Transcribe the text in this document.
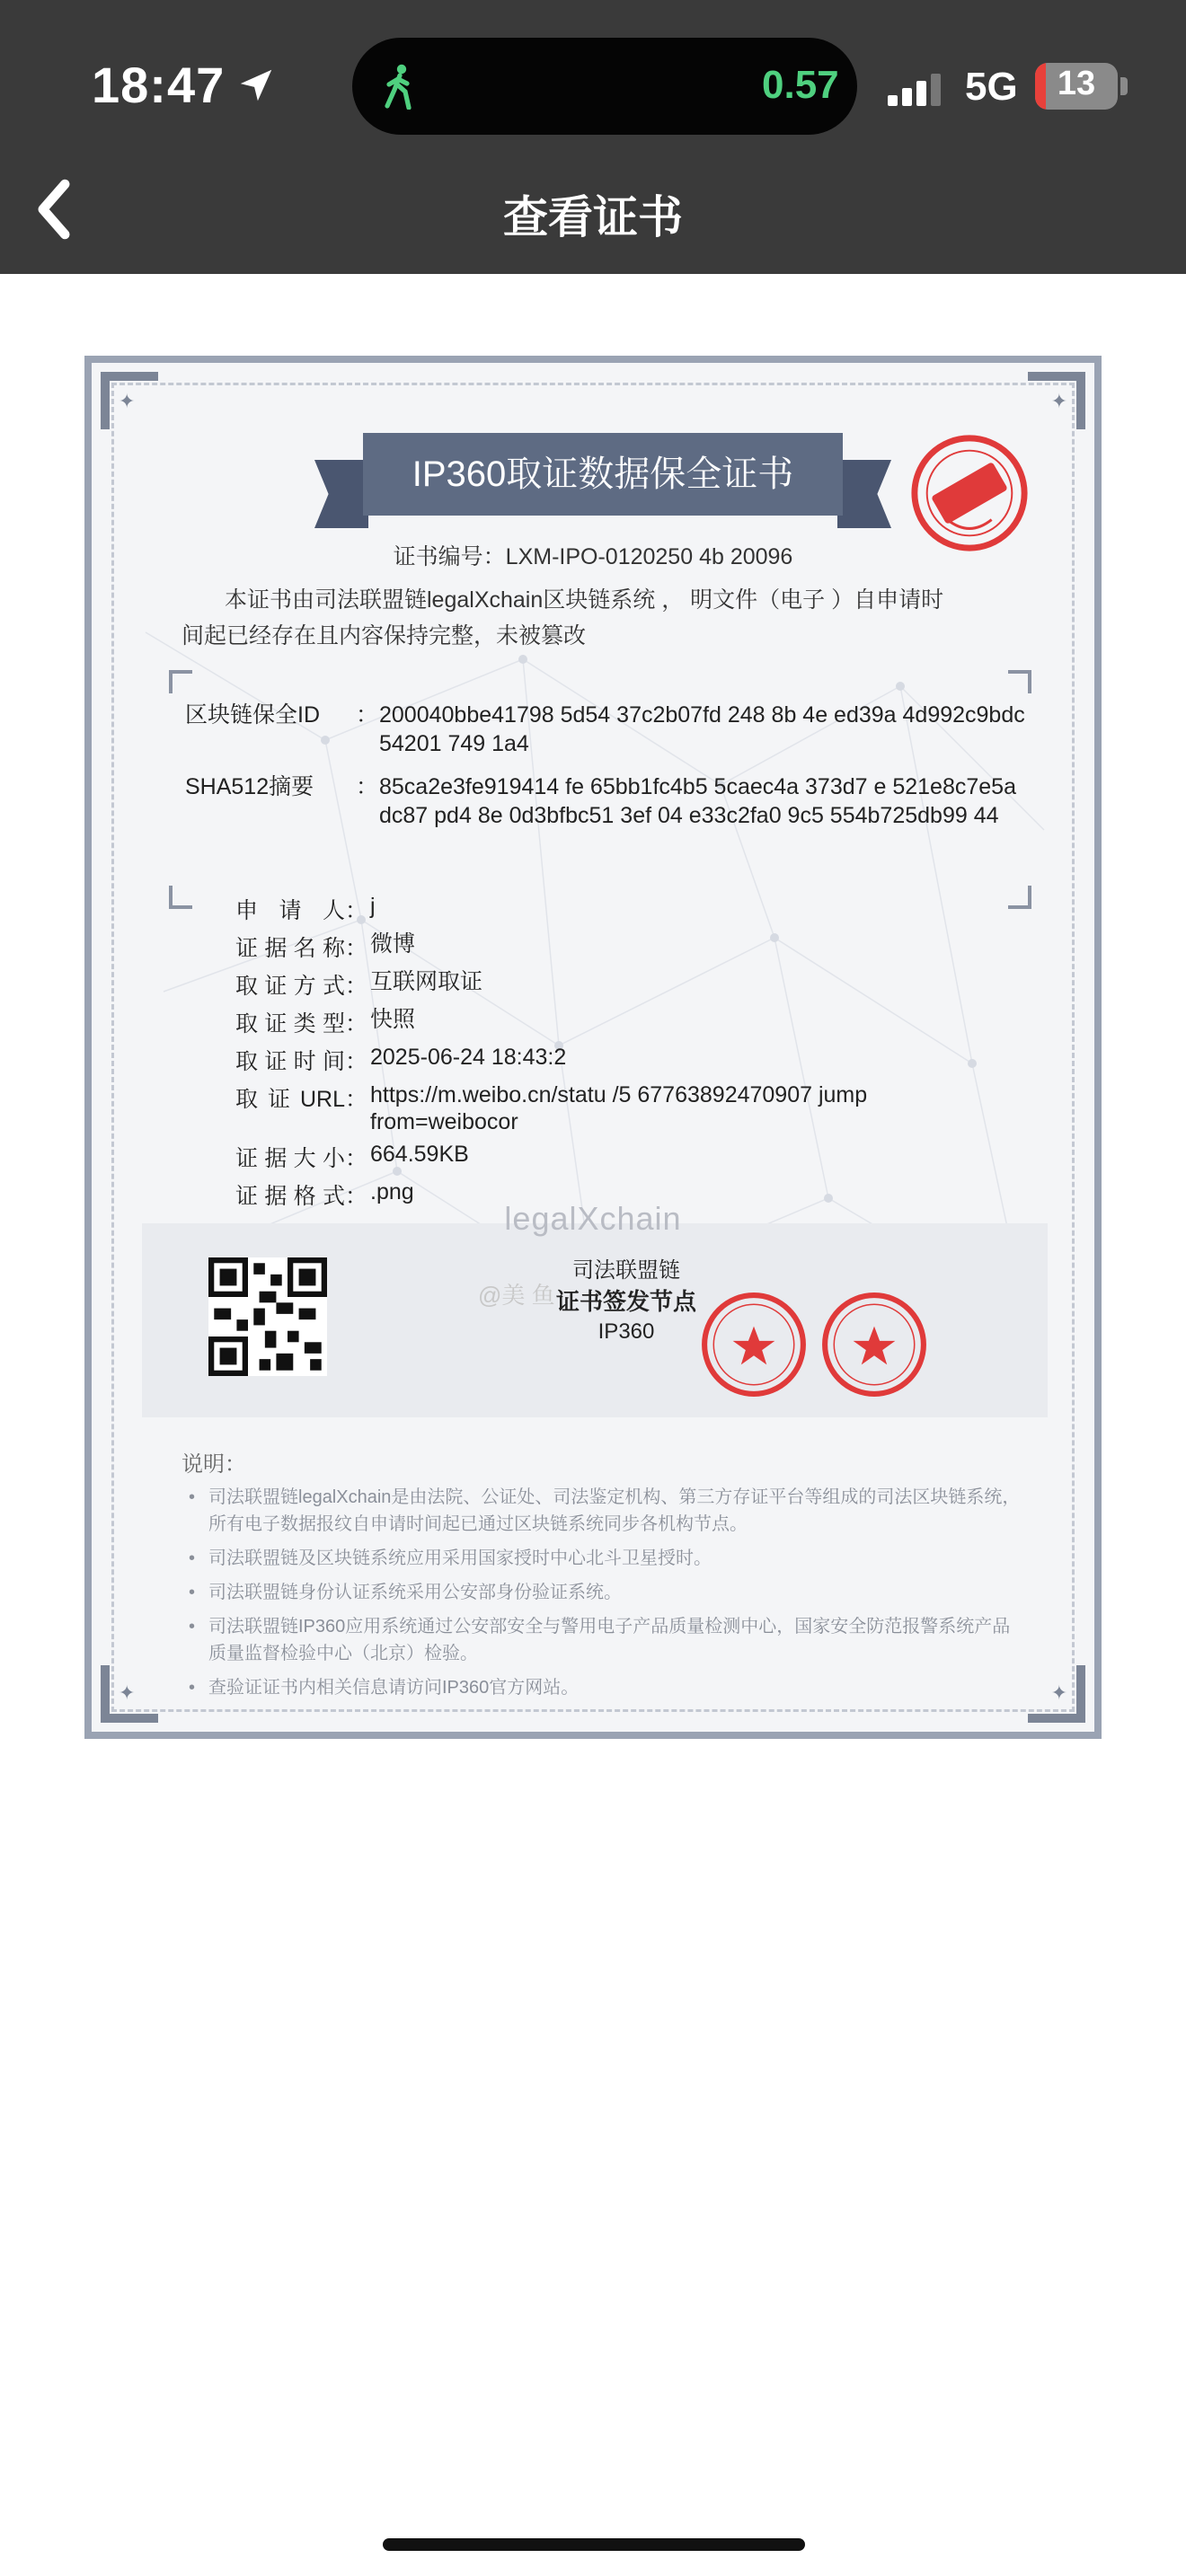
18:47	0.57	5G	13
查看证书
✦	✦
✦	✦
IP360取证数据保全证书
证书编号：LXM-IPO-0120250 4b 20096
本证书由司法联盟链legalXchain区块链系统 ， 明文件（电子 ）自申请时间起已经存在且内容保持完整，未被篡改
区块链保全ID	： 200040bbe41798 5d54 37c2b07fd 248 8b 4e ed39a 4d992c9bdc54201 749 1a4
SHA512摘要	： 85ca2e3fe919414 fe 65bb1fc4b5 5caec4a 373d7 e 521e8c7e5adc87 pd4 8e 0d3bfbc51 3ef 04 e33c2fa0 9c5 554b725db99 44
申请人 ： j
证据名称 ： 微博
取证方式 ： 互联网取证
取证类型 ： 快照
取证时间 ： 2025-06-24 18:43:2
取证URL ： https://m.weibo.cn/statu /5 67763892470907 jumpfrom=weibocor
证据大小 ： 664.59KB
证据格式 ： .png
legalXchain
@美 鱼
司法联盟链
证书签发节点
IP360
说明：
• 司法联盟链legalXchain是由法院、公证处、司法鉴定机构、第三方存证平台等组成的司法区块链系统，所有电子数据报纹自申请时间起已通过区块链系统同步各机构节点。
• 司法联盟链及区块链系统应用采用国家授时中心北斗卫星授时。
• 司法联盟链身份认证系统采用公安部身份验证系统。
• 司法联盟链IP360应用系统通过公安部安全与警用电子产品质量检测中心，国家安全防范报警系统产品质量监督检验中心（北京）检验。
• 查验证证书内相关信息请访问IP360官方网站。
